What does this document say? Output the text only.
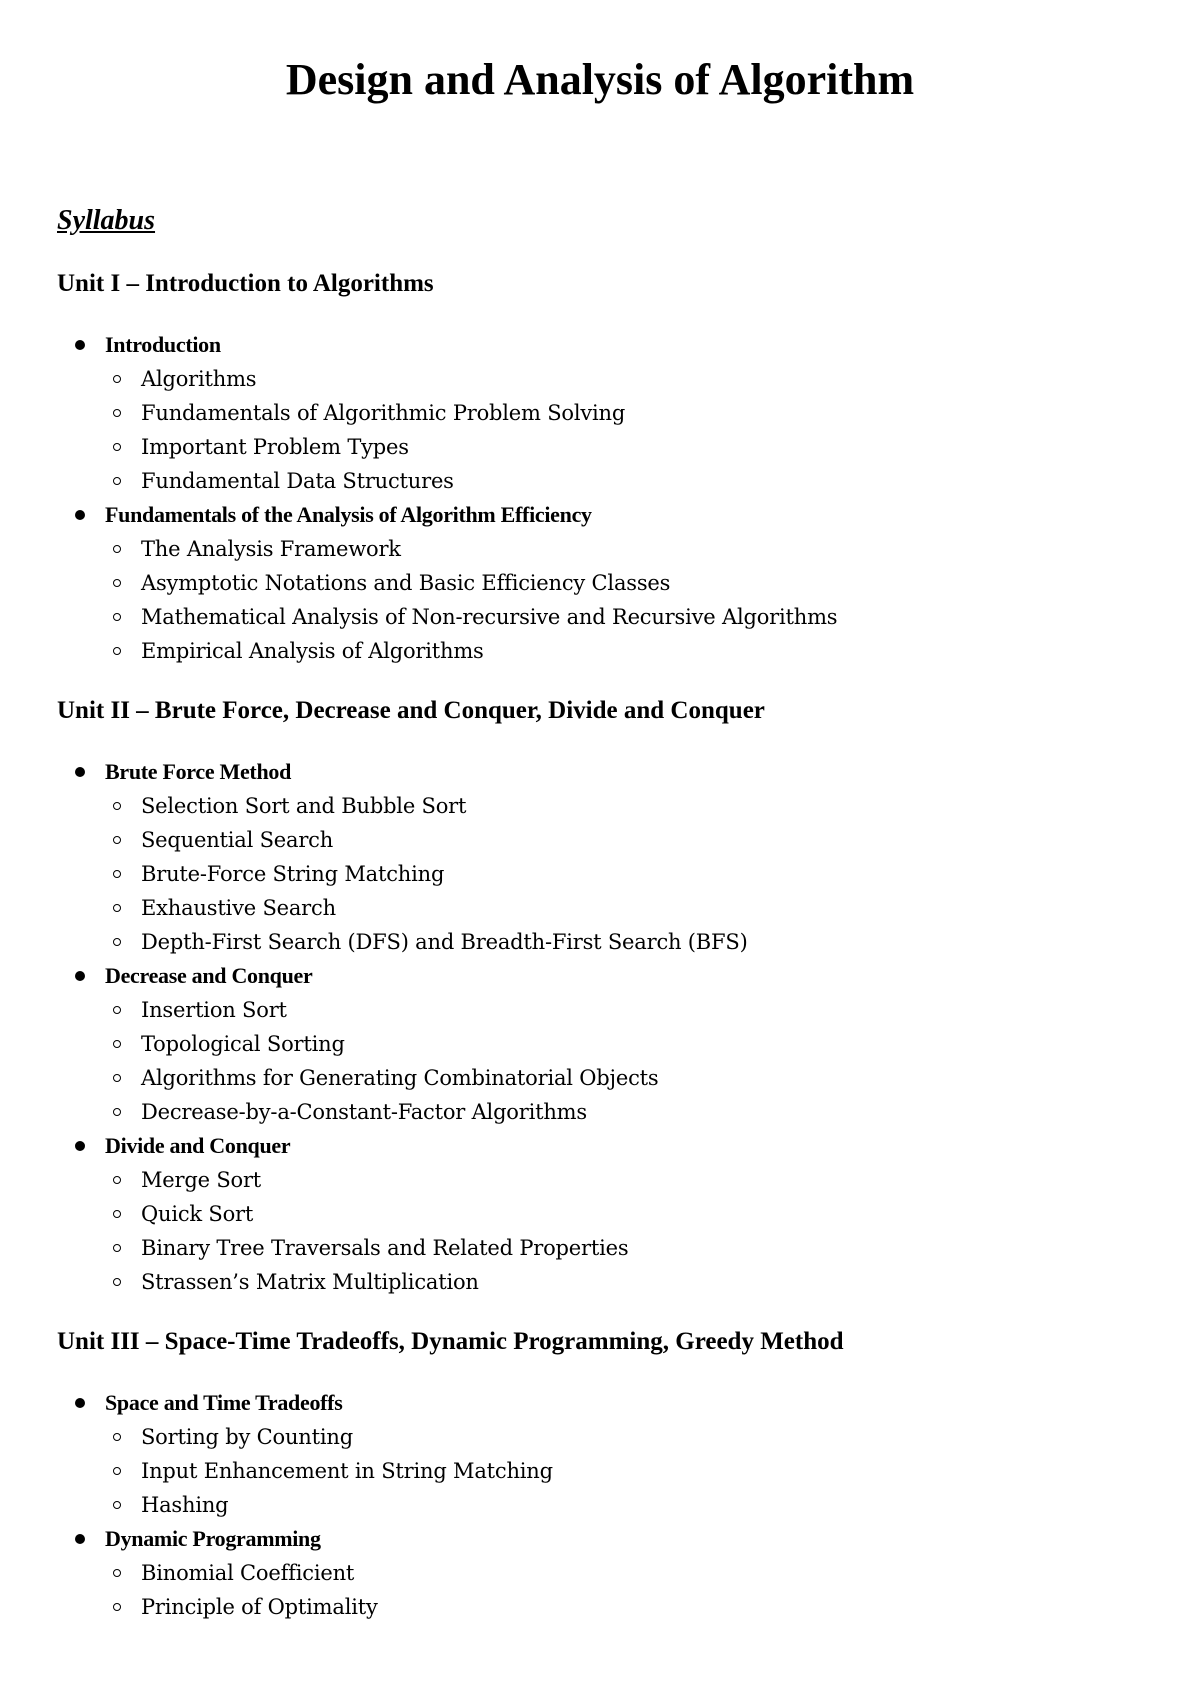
Design and Analysis of Algorithm
Syllabus
Unit I – Introduction to Algorithms
Introduction
Algorithms
Fundamentals of Algorithmic Problem Solving
Important Problem Types
Fundamental Data Structures
Fundamentals of the Analysis of Algorithm Efficiency
The Analysis Framework
Asymptotic Notations and Basic Efficiency Classes
Mathematical Analysis of Non-recursive and Recursive Algorithms
Empirical Analysis of Algorithms
Unit II – Brute Force, Decrease and Conquer, Divide and Conquer
Brute Force Method
Selection Sort and Bubble Sort
Sequential Search
Brute-Force String Matching
Exhaustive Search
Depth-First Search (DFS) and Breadth-First Search (BFS)
Decrease and Conquer
Insertion Sort
Topological Sorting
Algorithms for Generating Combinatorial Objects
Decrease-by-a-Constant-Factor Algorithms
Divide and Conquer
Merge Sort
Quick Sort
Binary Tree Traversals and Related Properties
Strassen’s Matrix Multiplication
Unit III – Space-Time Tradeoffs, Dynamic Programming, Greedy Method
Space and Time Tradeoffs
Sorting by Counting
Input Enhancement in String Matching
Hashing
Dynamic Programming
Binomial Coefficient
Principle of Optimality
